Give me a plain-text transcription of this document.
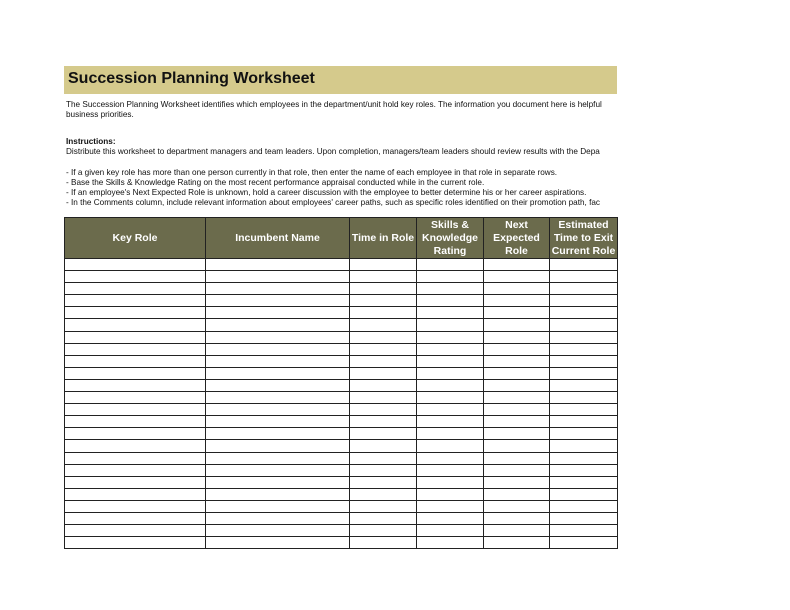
Succession Planning Worksheet
The Succession Planning Worksheet identifies which employees in the department/unit hold key roles. The information you document here is helpful
business priorities.
Instructions:
Distribute this worksheet to department managers and team leaders. Upon completion, managers/team leaders should review results with the Depa
- If a given key role has more than one person currently in that role, then enter the name of each employee in that role in separate rows.
- Base the Skills & Knowledge Rating on the most recent performance appraisal conducted while in the current role.
- If an employee's Next Expected Role is unknown, hold a career discussion with the employee to better determine his or her career aspirations.
- In the Comments column, include relevant information about employees' career paths, such as specific roles identified on their promotion path, fac
Key Role	Incumbent Name	Time in Role	Skills & Knowledge Rating	Next Expected Role	Estimated Time to Exit Current Role
